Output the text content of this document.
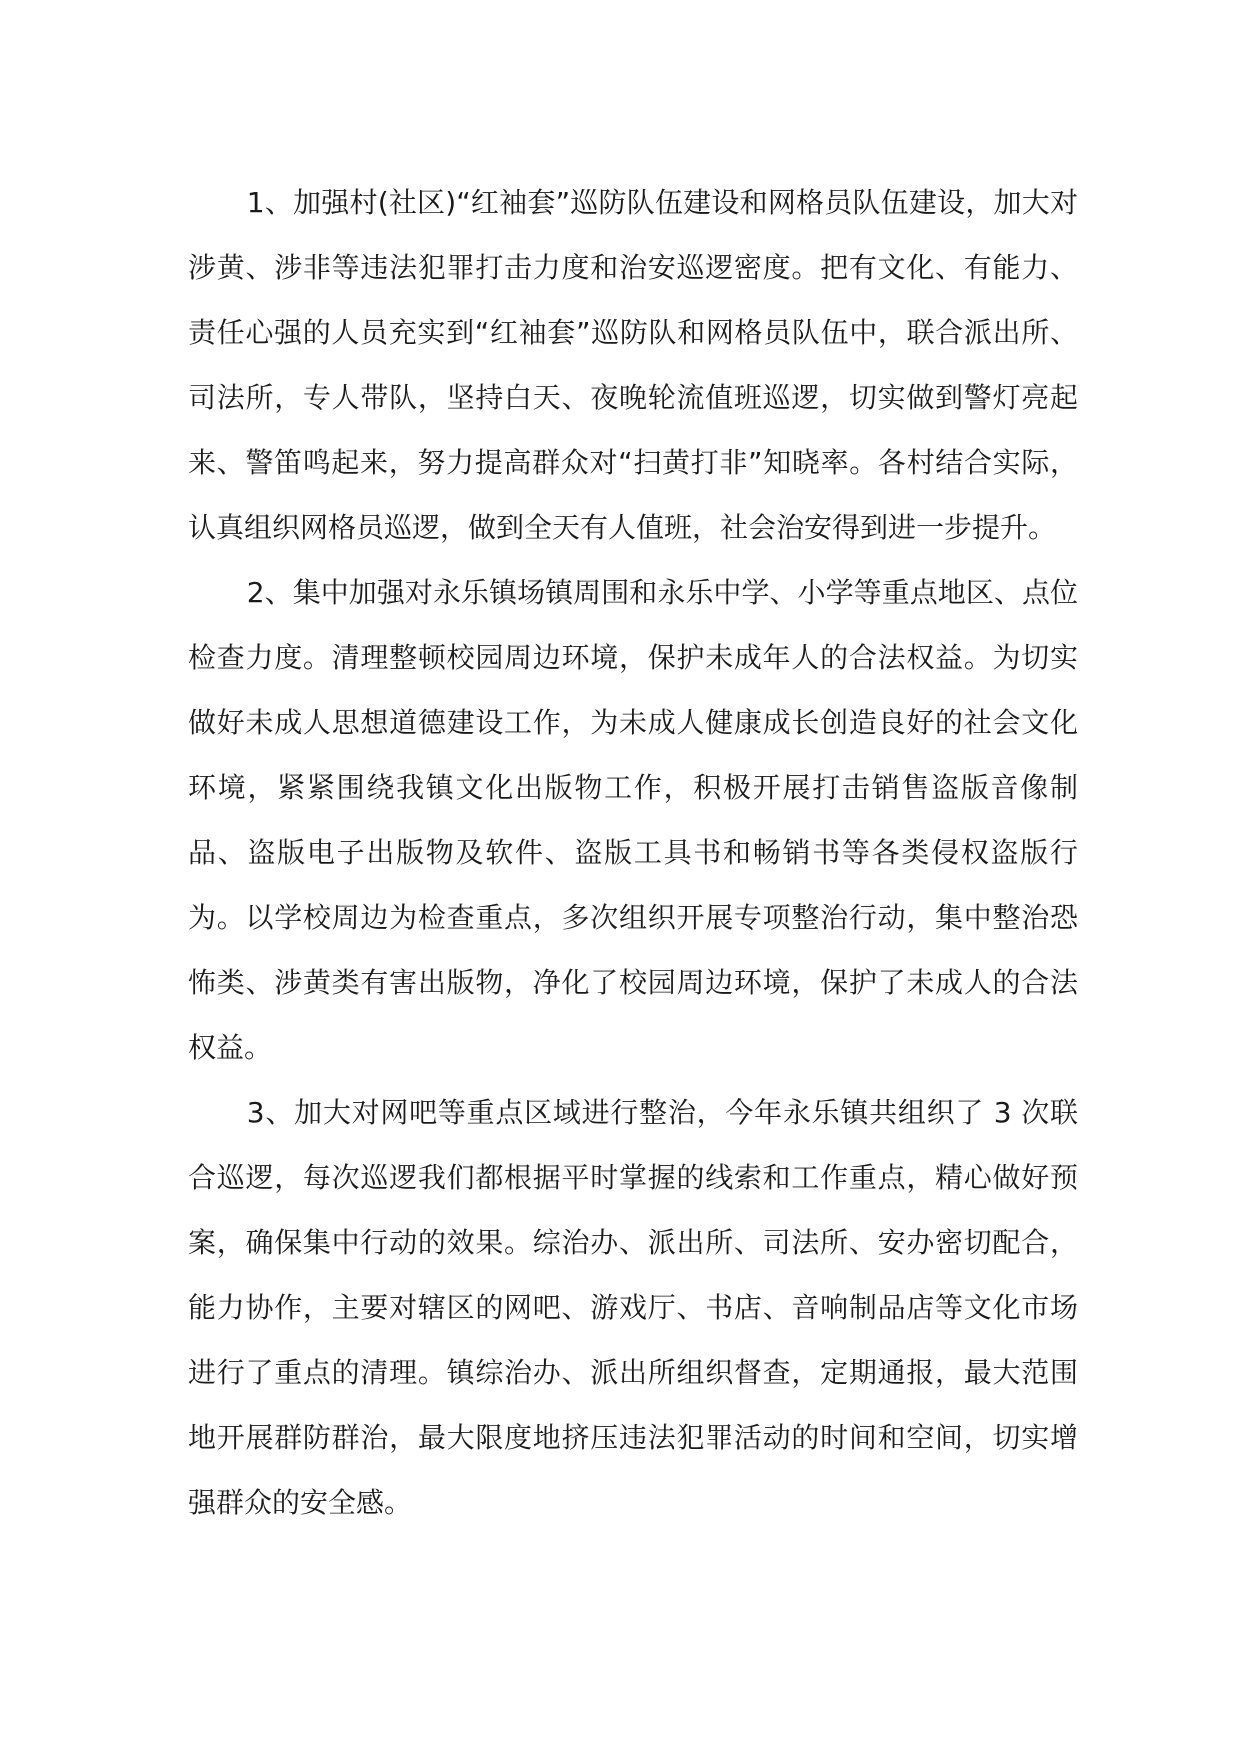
1、加强村(社区)“红袖套”巡防队伍建设和网格员队伍建设，加大对涉黄、涉非等违法犯罪打击力度和治安巡逻密度。把有文化、有能力、责任心强的人员充实到“红袖套”巡防队和网格员队伍中，联合派出所、司法所，专人带队，坚持白天、夜晚轮流值班巡逻，切实做到警灯亮起来、警笛鸣起来，努力提高群众对“扫黄打非”知晓率。各村结合实际，认真组织网格员巡逻，做到全天有人值班，社会治安得到进一步提升。

2、集中加强对永乐镇场镇周围和永乐中学、小学等重点地区、点位检查力度。清理整顿校园周边环境，保护未成年人的合法权益。为切实做好未成人思想道德建设工作，为未成人健康成长创造良好的社会文化环境，紧紧围绕我镇文化出版物工作，积极开展打击销售盗版音像制品、盗版电子出版物及软件、盗版工具书和畅销书等各类侵权盗版行为。以学校周边为检查重点，多次组织开展专项整治行动，集中整治恐怖类、涉黄类有害出版物，净化了校园周边环境，保护了未成人的合法权益。

3、加大对网吧等重点区域进行整治，今年永乐镇共组织了 3 次联合巡逻，每次巡逻我们都根据平时掌握的线索和工作重点，精心做好预案，确保集中行动的效果。综治办、派出所、司法所、安办密切配合，能力协作，主要对辖区的网吧、游戏厅、书店、音响制品店等文化市场进行了重点的清理。镇综治办、派出所组织督查，定期通报，最大范围地开展群防群治，最大限度地挤压违法犯罪活动的时间和空间，切实增强群众的安全感。
